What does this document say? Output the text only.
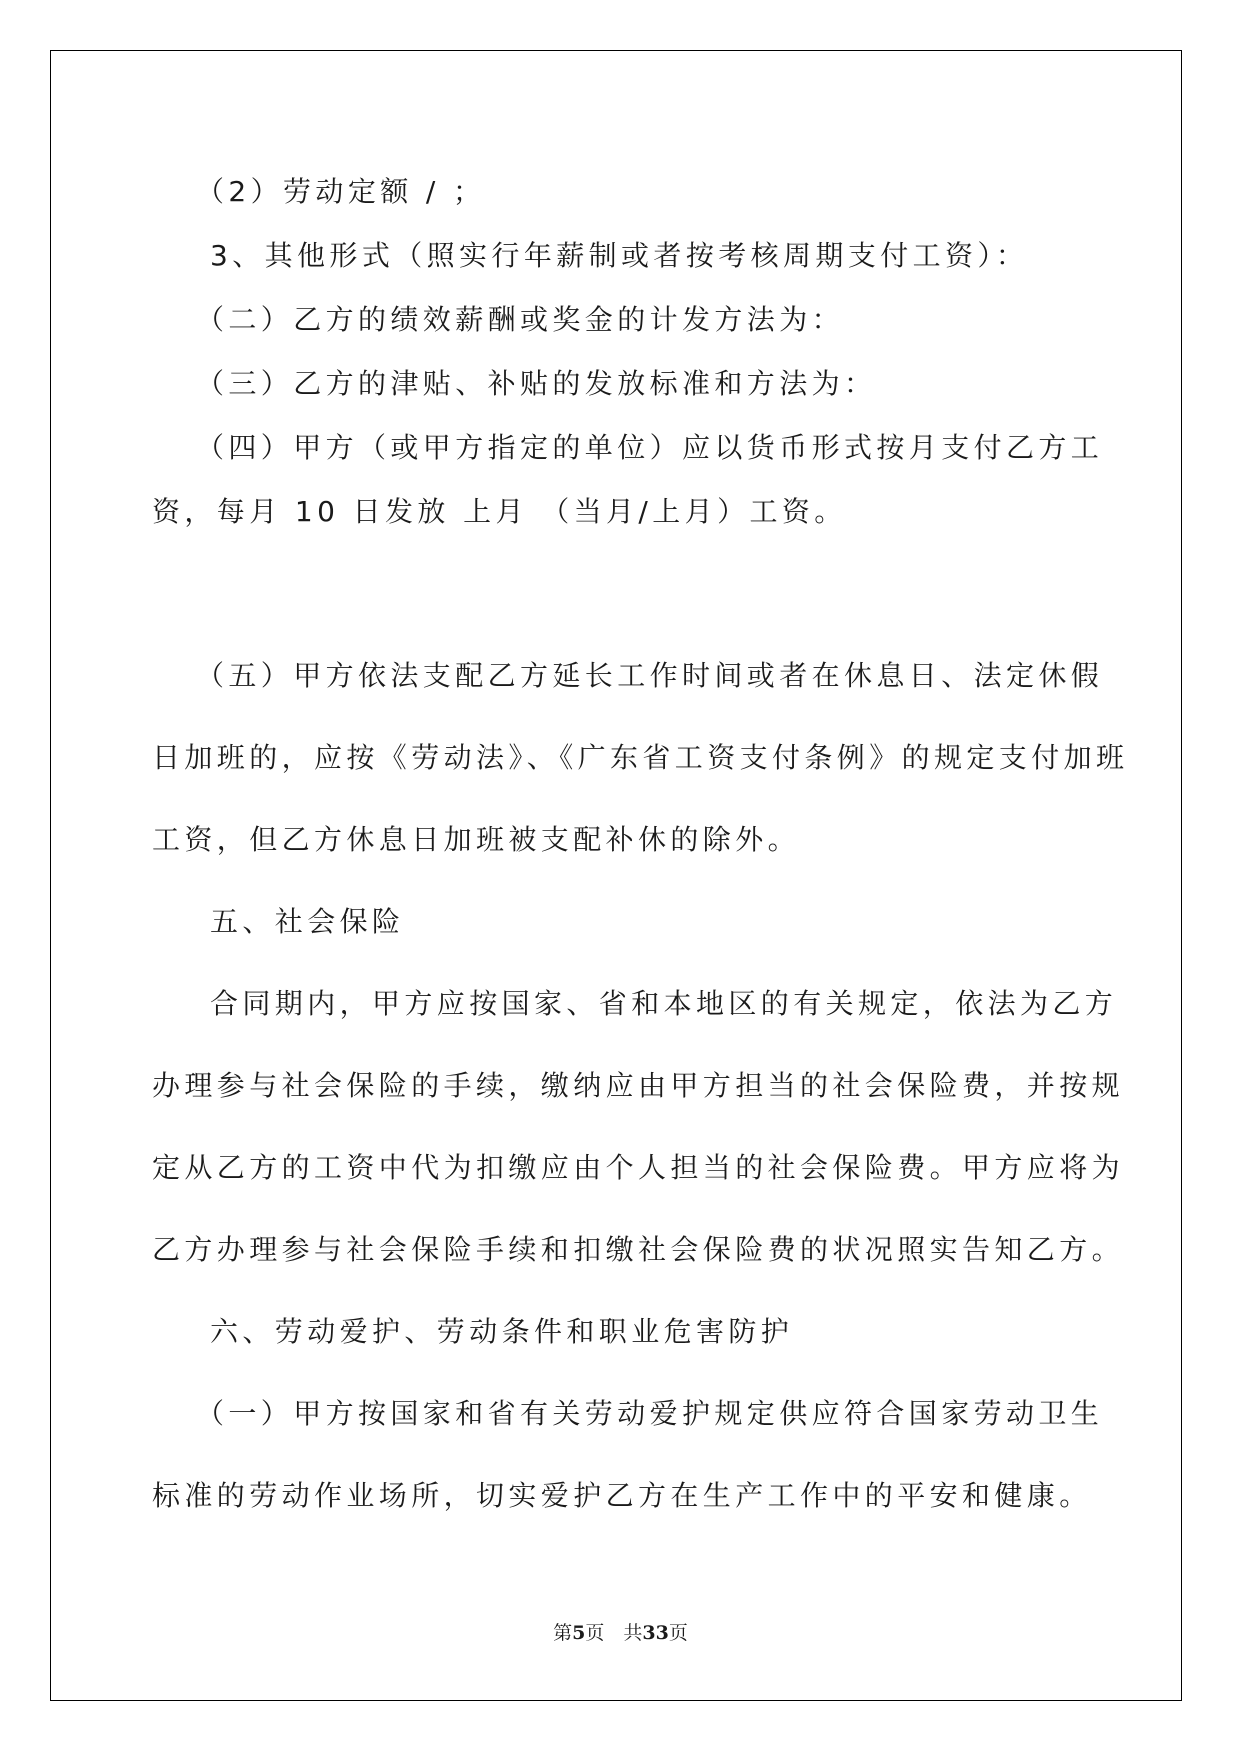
（2）劳动定额 / ；
3、其他形式（照实行年薪制或者按考核周期支付工资）：
（二）乙方的绩效薪酬或奖金的计发方法为：
（三）乙方的津贴、补贴的发放标准和方法为：
（四）甲方（或甲方指定的单位）应以货币形式按月支付乙方工
资，每月 10 日发放 上月 （当月/上月）工资。
（五）甲方依法支配乙方延长工作时间或者在休息日、法定休假
日加班的，应按《劳动法》、《广东省工资支付条例》的规定支付加班
工资，但乙方休息日加班被支配补休的除外。
五、社会保险
合同期内，甲方应按国家、省和本地区的有关规定，依法为乙方
办理参与社会保险的手续，缴纳应由甲方担当的社会保险费，并按规
定从乙方的工资中代为扣缴应由个人担当的社会保险费。甲方应将为
乙方办理参与社会保险手续和扣缴社会保险费的状况照实告知乙方。
六、劳动爱护、劳动条件和职业危害防护
（一）甲方按国家和省有关劳动爱护规定供应符合国家劳动卫生
标准的劳动作业场所，切实爱护乙方在生产工作中的平安和健康。
第5页　共33页
